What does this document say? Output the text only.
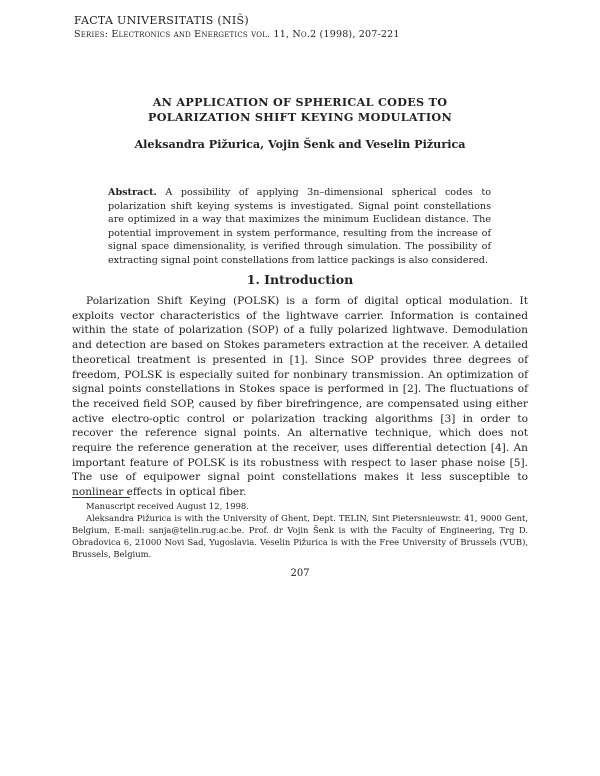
FACTA UNIVERSITATIS (NIŠ)
Series: Electronics and Energetics vol. 11, No.2 (1998), 207-221
AN APPLICATION OF SPHERICAL CODES TO
POLARIZATION SHIFT KEYING MODULATION
Aleksandra Pižurica, Vojin Šenk and Veselin Pižurica
Abstract. A possibility of applying 3n–dimensional spherical codes to polarization shift keying systems is investigated. Signal point constellations are optimized in a way that maximizes the minimum Euclidean distance. The potential improvement in system performance, resulting from the increase of signal space dimensionality, is verified through simulation. The possibility of extracting signal point constellations from lattice packings is also considered.
1. Introduction
Polarization Shift Keying (POLSK) is a form of digital optical modulation. It exploits vector characteristics of the lightwave carrier. Information is contained within the state of polarization (SOP) of a fully polarized lightwave. Demodulation and detection are based on Stokes parameters extraction at the receiver. A detailed theoretical treatment is presented in [1]. Since SOP provides three degrees of freedom, POLSK is especially suited for nonbinary transmission. An optimization of signal points constellations in Stokes space is performed in [2]. The fluctuations of the received field SOP, caused by fiber birefringence, are compensated using either active electro-optic control or polarization tracking algorithms [3] in order to recover the reference signal points. An alternative technique, which does not require the reference generation at the receiver, uses differential detection [4]. An important feature of POLSK is its robustness with respect to laser phase noise [5]. The use of equipower signal point constellations makes it less susceptible to nonlinear effects in optical fiber.

Manuscript received August 12, 1998.

Aleksandra Pižurica is with the University of Ghent, Dept. TELIN, Sint Pietersnieuwstr. 41, 9000 Gent, Belgium, E-mail: sanja@telin.rug.ac.be. Prof. dr Vojin Šenk is with the Faculty of Engineering, Trg D. Obradovica 6, 21000 Novi Sad, Yugoslavia. Veselin Pižurica is with the Free University of Brussels (VUB), Brussels, Belgium.

207
